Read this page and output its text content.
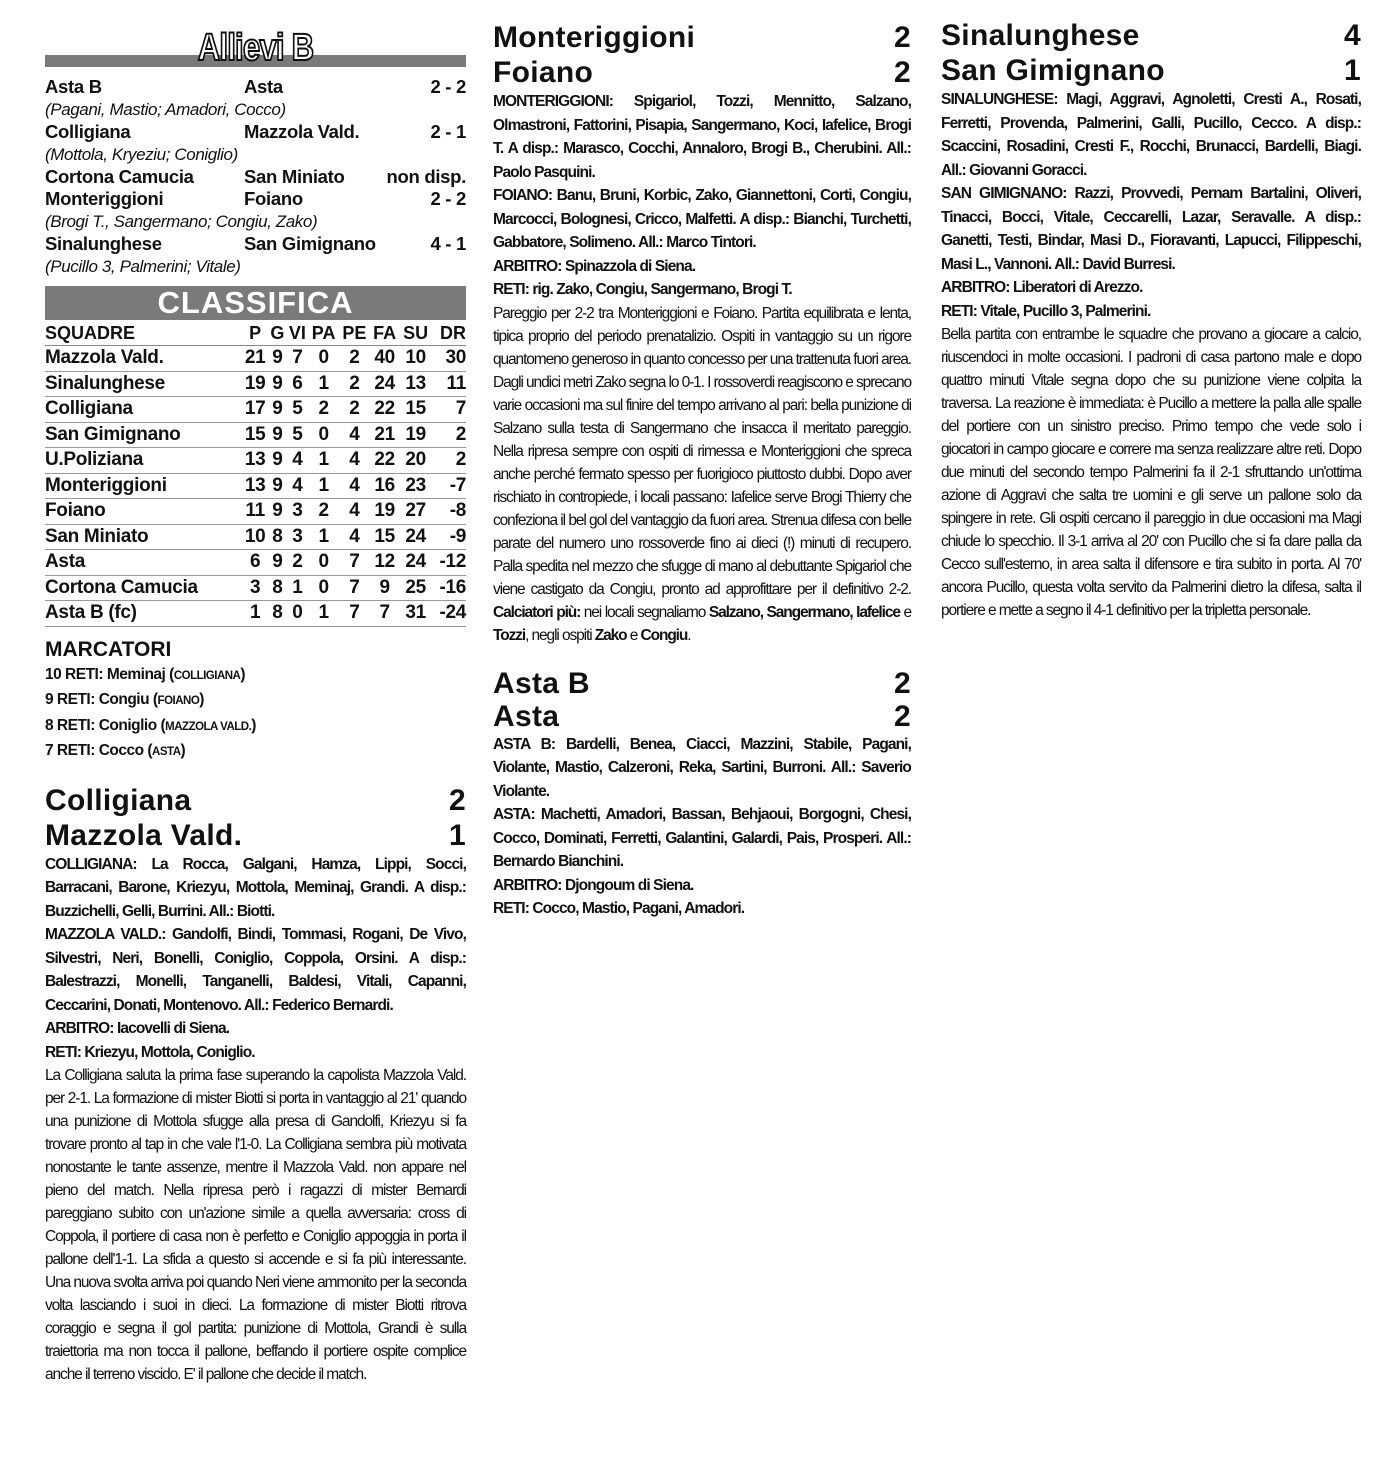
Allievi B
Asta B	Asta	2 - 2
(Pagani, Mastio; Amadori, Cocco)
Colligiana	Mazzola Vald.	2 - 1
(Mottola, Kryeziu; Coniglio)
Cortona Camucia	San Miniato	non disp.
Monteriggioni	Foiano	2 - 2
(Brogi T., Sangermano; Congiu, Zako)
Sinalunghese	San Gimignano	4 - 1
(Pucillo 3, Palmerini; Vitale)
CLASSIFICA
SQUADRE	P	G	VI	PA	PE	FA	SU	DR
Mazzola Vald.	21	9	7	0	2	40	10	30
Sinalunghese	19	9	6	1	2	24	13	11
Colligiana	17	9	5	2	2	22	15	7
San Gimignano	15	9	5	0	4	21	19	2
U.Poliziana	13	9	4	1	4	22	20	2
Monteriggioni	13	9	4	1	4	16	23	-7
Foiano	11	9	3	2	4	19	27	-8
San Miniato	10	8	3	1	4	15	24	-9
Asta	6	9	2	0	7	12	24	-12
Cortona Camucia	3	8	1	0	7	9	25	-16
Asta B (fc)	1	8	0	1	7	7	31	-24
MARCATORI
10 RETI: Meminaj (COLLIGIANA)
9 RETI: Congiu (FOIANO)
8 RETI: Coniglio (MAZZOLA VALD.)
7 RETI: Cocco (ASTA)
Colligiana	2
Mazzola Vald.	1

COLLIGIANA: La Rocca, Galgani, Hamza, Lippi, Socci, Barracani, Barone, Kriezyu, Mottola, Meminaj, Grandi. A disp.: Buzzichelli, Gelli, Burrini. All.: Biotti.

MAZZOLA VALD.: Gandolfi, Bindi, Tommasi, Rogani, De Vivo, Silvestri, Neri, Bonelli, Coniglio, Coppola, Orsini. A disp.: Balestrazzi, Monelli, Tanganelli, Baldesi, Vitali, Capanni, Ceccarini, Donati, Montenovo. All.: Federico Bernardi.

ARBITRO: Iacovelli di Siena.

RETI: Kriezyu, Mottola, Coniglio.

La Colligiana saluta la prima fase superando la capolista Mazzola Vald. per 2-1. La formazione di mister Biotti si porta in vantaggio al 21' quando una punizione di Mottola sfugge alla presa di Gandolfi, Kriezyu si fa trovare pronto al tap in che vale l'1-0. La Colligiana sembra più motivata nonostante le tante assenze, mentre il Mazzola Vald. non appare nel pieno del match. Nella ripresa però i ragazzi di mister Bernardi pareggiano subito con un'azione simile a quella avversaria: cross di Coppola, il portiere di casa non è perfetto e Coniglio appoggia in porta il pallone dell'1-1. La sfida a questo si accende e si fa più interessante. Una nuova svolta arriva poi quando Neri viene ammonito per la seconda volta lasciando i suoi in dieci. La formazione di mister Biotti ritrova coraggio e segna il gol partita: punizione di Mottola, Grandi è sulla traiettoria ma non tocca il pallone, beffando il portiere ospite complice anche il terreno viscido. E' il pallone che decide il match.

Monteriggioni	2
Foiano	2

MONTERIGGIONI: Spigariol, Tozzi, Mennitto, Salzano, Olmastroni, Fattorini, Pisapia, Sangermano, Koci, Iafelice, Brogi T. A disp.: Marasco, Cocchi, Annaloro, Brogi B., Cherubini. All.: Paolo Pasquini.

FOIANO: Banu, Bruni, Korbic, Zako, Giannettoni, Corti, Congiu, Marcocci, Bolognesi, Cricco, Malfetti. A disp.: Bianchi, Turchetti, Gabbatore, Solimeno. All.: Marco Tintori.

ARBITRO: Spinazzola di Siena.

RETI: rig. Zako, Congiu, Sangermano, Brogi T.

Pareggio per 2-2 tra Monteriggioni e Foiano. Partita equilibrata e lenta, tipica proprio del periodo prenatalizio. Ospiti in vantaggio su un rigore quantomeno generoso in quanto concesso per una trattenuta fuori area. Dagli undici metri Zako segna lo 0-1. I rossoverdi reagiscono e sprecano varie occasioni ma sul finire del tempo arrivano al pari: bella punizione di Salzano sulla testa di Sangermano che insacca il meritato pareggio. Nella ripresa sempre con ospiti di rimessa e Monteriggioni che spreca anche perché fermato spesso per fuorigioco piuttosto dubbi. Dopo aver rischiato in contropiede, i locali passano: Iafelice serve Brogi Thierry che confeziona il bel gol del vantaggio da fuori area. Strenua difesa con belle parate del numero uno rossoverde fino ai dieci (!) minuti di recupero. Palla spedita nel mezzo che sfugge di mano al debuttante Spigariol che viene castigato da Congiu, pronto ad approfittare per il definitivo 2-2. Calciatori più: nei locali segnaliamo Salzano, Sangermano, Iafelice e Tozzi, negli ospiti Zako e Congiu.

Asta B	2
Asta	2

ASTA B: Bardelli, Benea, Ciacci, Mazzini, Stabile, Pagani, Violante, Mastio, Calzeroni, Reka, Sartini, Burroni. All.: Saverio Violante.

ASTA: Machetti, Amadori, Bassan, Behjaoui, Borgogni, Chesi, Cocco, Dominati, Ferretti, Galantini, Galardi, Pais, Prosperi. All.: Bernardo Bianchini.

ARBITRO: Djongoum di Siena.

RETI: Cocco, Mastio, Pagani, Amadori.

Sinalunghese	4
San Gimignano	1

SINALUNGHESE: Magi, Aggravi, Agnoletti, Cresti A., Rosati, Ferretti, Provenda, Palmerini, Galli, Pucillo, Cecco. A disp.: Scaccini, Rosadini, Cresti F., Rocchi, Brunacci, Bardelli, Biagi. All.: Giovanni Goracci.

SAN GIMIGNANO: Razzi, Provvedi, Pernam Bartalini, Oliveri, Tinacci, Bocci, Vitale, Ceccarelli, Lazar, Seravalle. A disp.: Ganetti, Testi, Bindar, Masi D., Fioravanti, Lapucci, Filippeschi, Masi L., Vannoni. All.: David Burresi.

ARBITRO: Liberatori di Arezzo.

RETI: Vitale, Pucillo 3, Palmerini.

Bella partita con entrambe le squadre che provano a giocare a calcio, riuscendoci in molte occasioni. I padroni di casa partono male e dopo quattro minuti Vitale segna dopo che su punizione viene colpita la traversa. La reazione è immediata: è Pucillo a mettere la palla alle spalle del portiere con un sinistro preciso. Primo tempo che vede solo i giocatori in campo giocare e correre ma senza realizzare altre reti. Dopo due minuti del secondo tempo Palmerini fa il 2-1 sfruttando un'ottima azione di Aggravi che salta tre uomini e gli serve un pallone solo da spingere in rete. Gli ospiti cercano il pareggio in due occasioni ma Magi chiude lo specchio. Il 3-1 arriva al 20' con Pucillo che si fa dare palla da Cecco sull'esterno, in area salta il difensore e tira subito in porta. Al 70' ancora Pucillo, questa volta servito da Palmerini dietro la difesa, salta il portiere e mette a segno il 4-1 definitivo per la tripletta personale.
